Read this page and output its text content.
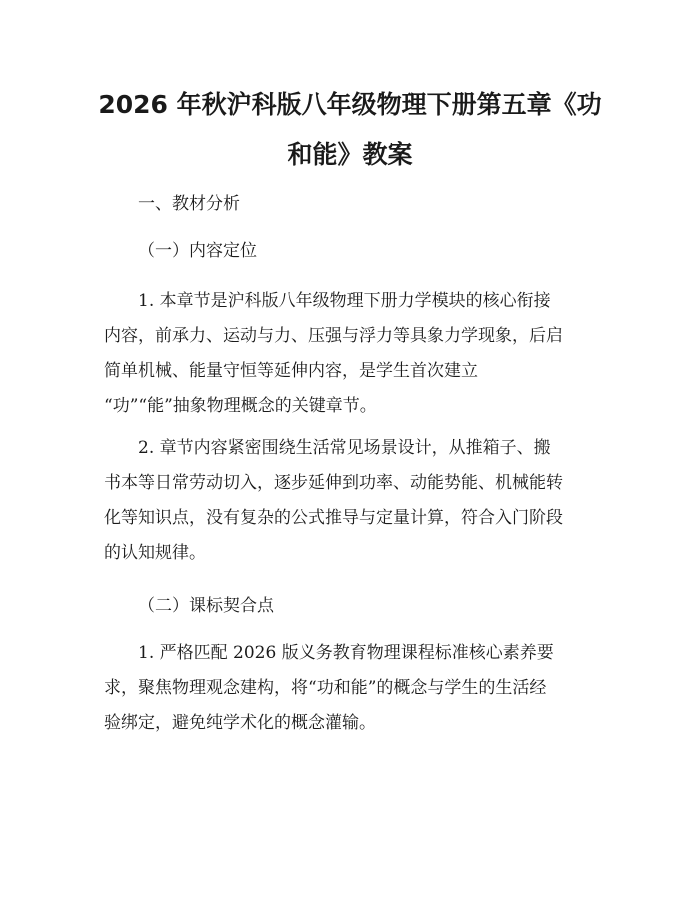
2026 年秋沪科版八年级物理下册第五章《功
和能》教案

一、教材分析

（一）内容定位

1. 本章节是沪科版八年级物理下册力学模块的核心衔接
内容，前承力、运动与力、压强与浮力等具象力学现象，后启
简单机械、能量守恒等延伸内容，是学生首次建立
“功”“能”抽象物理概念的关键章节。

2. 章节内容紧密围绕生活常见场景设计，从推箱子、搬
书本等日常劳动切入，逐步延伸到功率、动能势能、机械能转
化等知识点，没有复杂的公式推导与定量计算，符合入门阶段
的认知规律。

（二）课标契合点

1. 严格匹配 2026 版义务教育物理课程标准核心素养要
求，聚焦物理观念建构，将“功和能”的概念与学生的生活经
验绑定，避免纯学术化的概念灌输。
